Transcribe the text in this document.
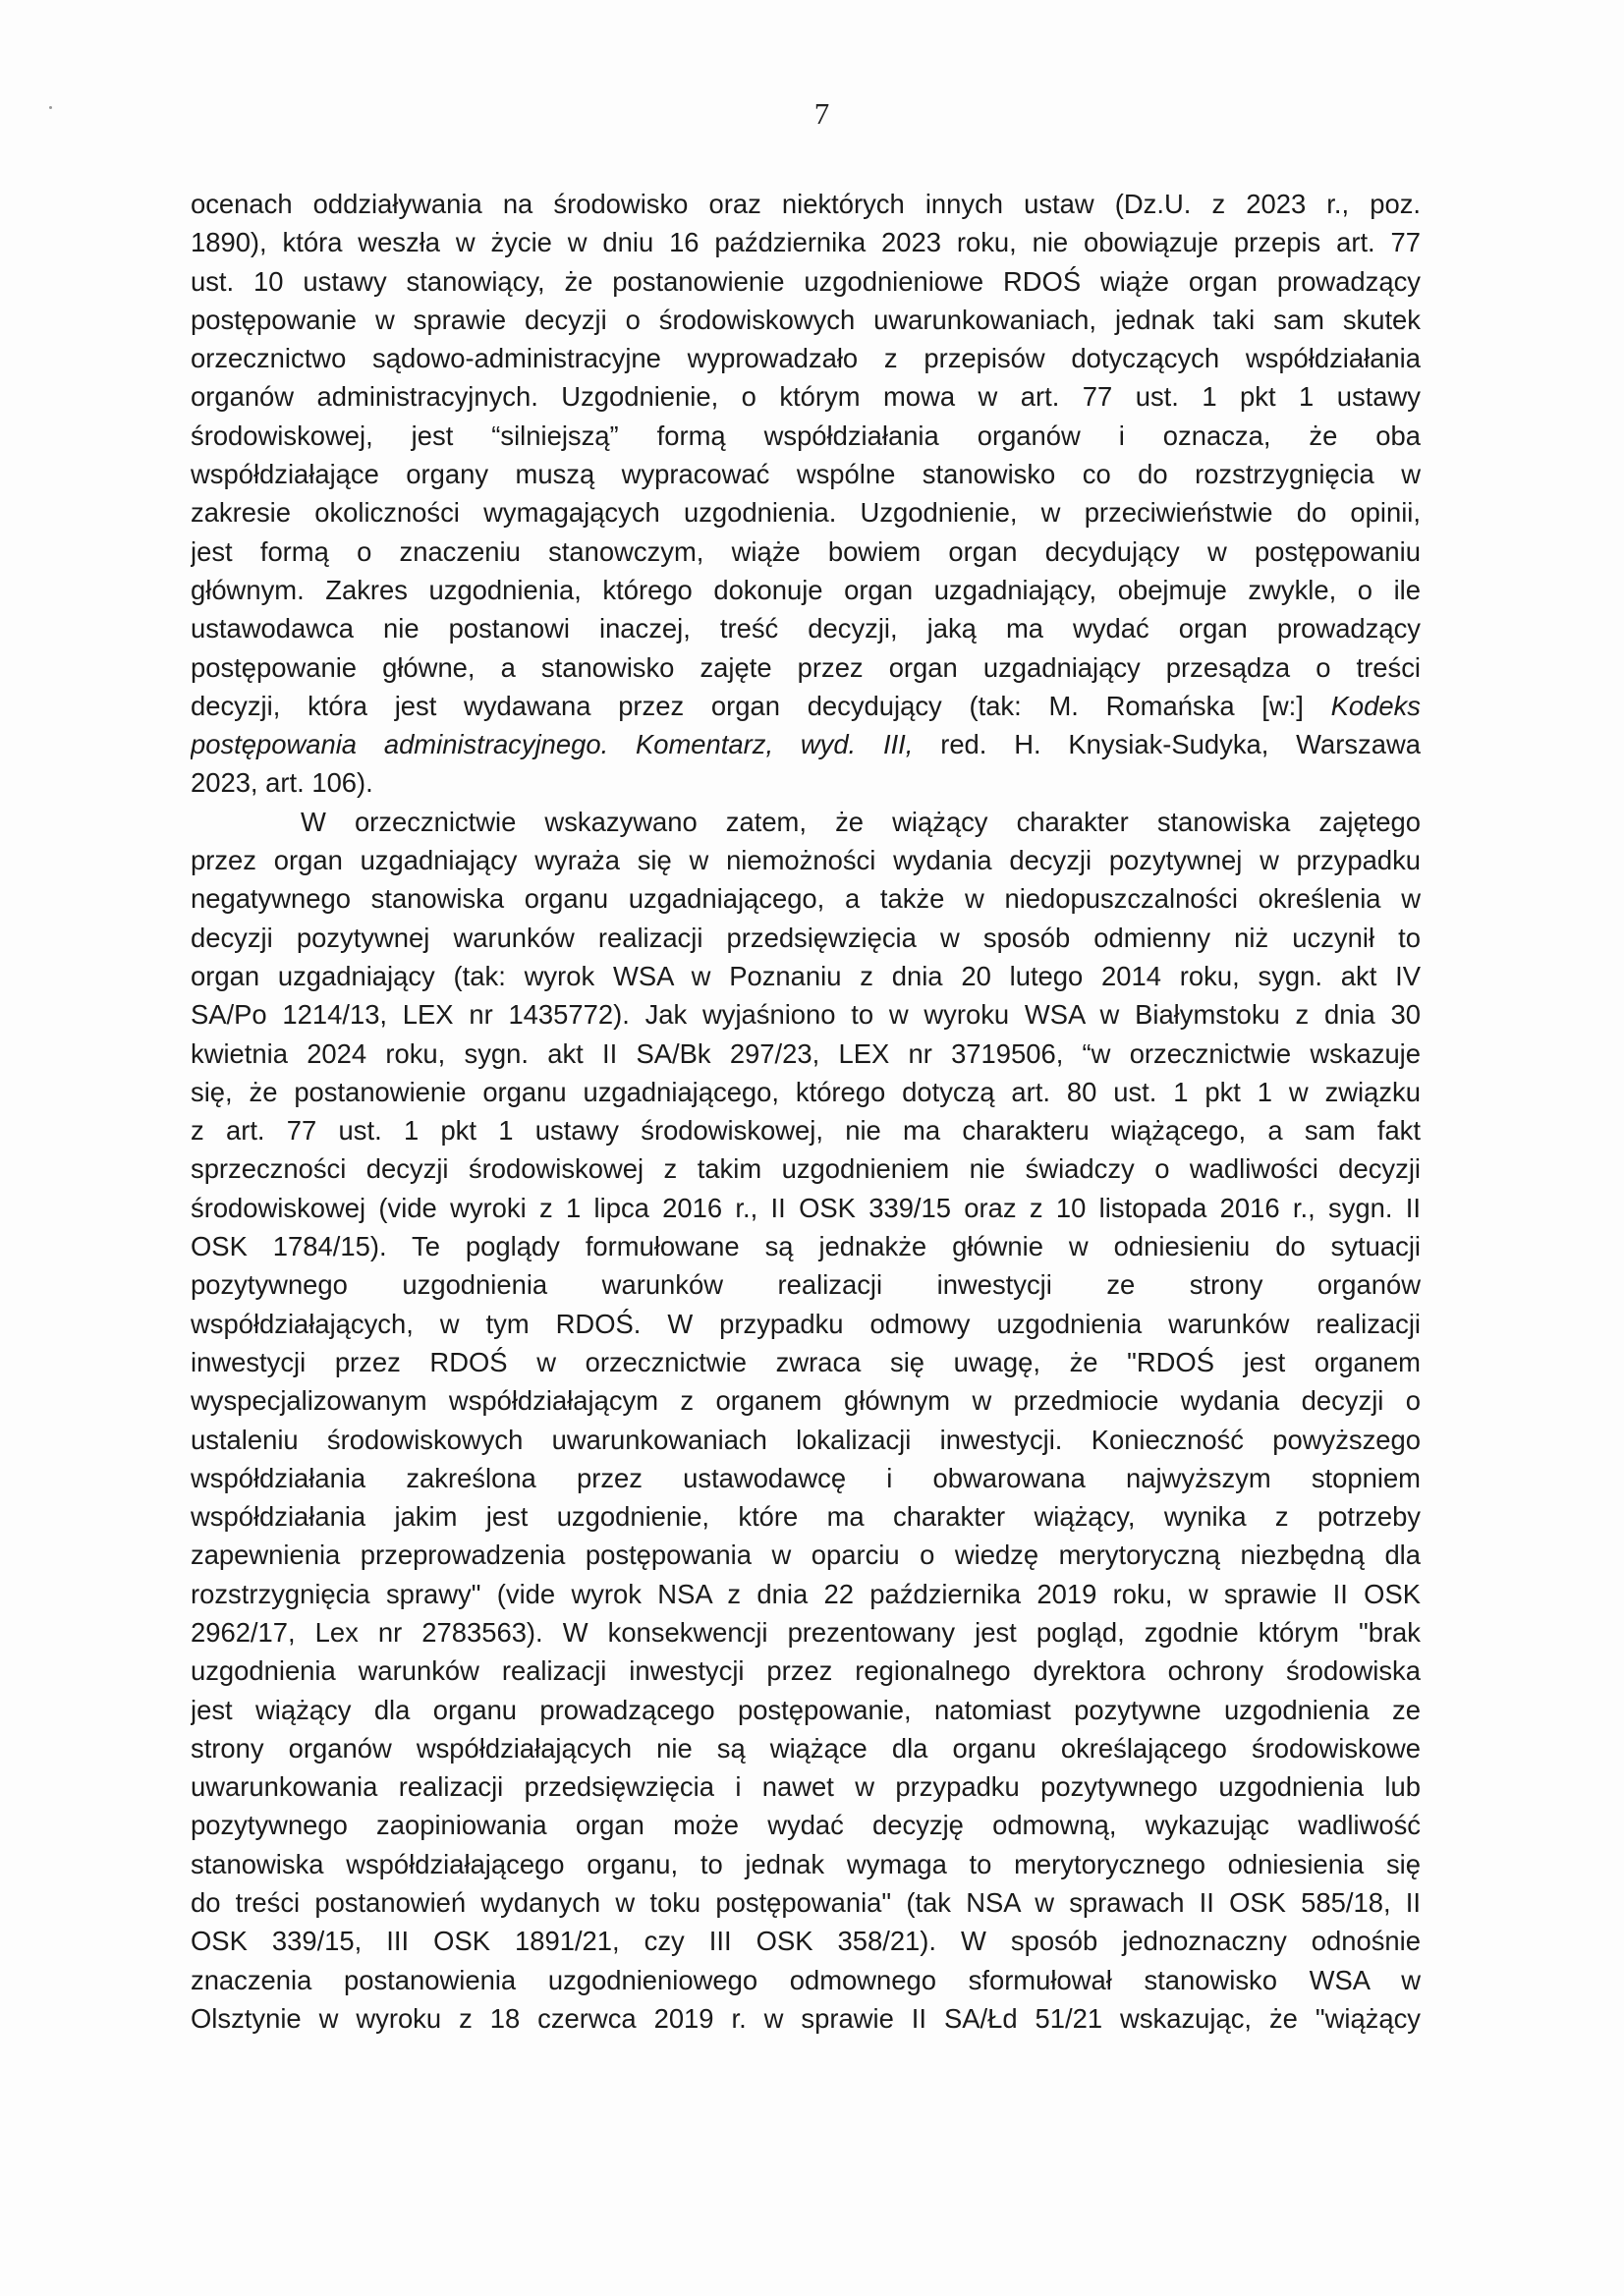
7
ocenach oddziaływania na środowisko oraz niektórych innych ustaw (Dz.U. z 2023 r., poz.
1890), która weszła w życie w dniu 16 października 2023 roku, nie obowiązuje przepis art. 77
ust. 10 ustawy stanowiący, że postanowienie uzgodnieniowe RDOŚ wiąże organ prowadzący
postępowanie w sprawie decyzji o środowiskowych uwarunkowaniach, jednak taki sam skutek
orzecznictwo sądowo-administracyjne wyprowadzało z przepisów dotyczących współdziałania
organów administracyjnych. Uzgodnienie, o którym mowa w art. 77 ust. 1 pkt 1 ustawy
środowiskowej, jest “silniejszą” formą współdziałania organów i oznacza, że oba
współdziałające organy muszą wypracować wspólne stanowisko co do rozstrzygnięcia w
zakresie okoliczności wymagających uzgodnienia. Uzgodnienie, w przeciwieństwie do opinii,
jest formą o znaczeniu stanowczym, wiąże bowiem organ decydujący w postępowaniu
głównym. Zakres uzgodnienia, którego dokonuje organ uzgadniający, obejmuje zwykle, o ile
ustawodawca nie postanowi inaczej, treść decyzji, jaką ma wydać organ prowadzący
postępowanie główne, a stanowisko zajęte przez organ uzgadniający przesądza o treści
decyzji, która jest wydawana przez organ decydujący (tak: M. Romańska [w:] Kodeks
postępowania administracyjnego. Komentarz, wyd. III, red. H. Knysiak-Sudyka, Warszawa
2023, art. 106).
W orzecznictwie wskazywano zatem, że wiążący charakter stanowiska zajętego
przez organ uzgadniający wyraża się w niemożności wydania decyzji pozytywnej w przypadku
negatywnego stanowiska organu uzgadniającego, a także w niedopuszczalności określenia w
decyzji pozytywnej warunków realizacji przedsięwzięcia w sposób odmienny niż uczynił to
organ uzgadniający (tak: wyrok WSA w Poznaniu z dnia 20 lutego 2014 roku, sygn. akt IV
SA/Po 1214/13, LEX nr 1435772). Jak wyjaśniono to w wyroku WSA w Białymstoku z dnia 30
kwietnia 2024 roku, sygn. akt II SA/Bk 297/23, LEX nr 3719506, “w orzecznictwie wskazuje
się, że postanowienie organu uzgadniającego, którego dotyczą art. 80 ust. 1 pkt 1 w związku
z art. 77 ust. 1 pkt 1 ustawy środowiskowej, nie ma charakteru wiążącego, a sam fakt
sprzeczności decyzji środowiskowej z takim uzgodnieniem nie świadczy o wadliwości decyzji
środowiskowej (vide wyroki z 1 lipca 2016 r., II OSK 339/15 oraz z 10 listopada 2016 r., sygn. II
OSK 1784/15). Te poglądy formułowane są jednakże głównie w odniesieniu do sytuacji
pozytywnego uzgodnienia warunków realizacji inwestycji ze strony organów
współdziałających, w tym RDOŚ. W przypadku odmowy uzgodnienia warunków realizacji
inwestycji przez RDOŚ w orzecznictwie zwraca się uwagę, że "RDOŚ jest organem
wyspecjalizowanym współdziałającym z organem głównym w przedmiocie wydania decyzji o
ustaleniu środowiskowych uwarunkowaniach lokalizacji inwestycji. Konieczność powyższego
współdziałania zakreślona przez ustawodawcę i obwarowana najwyższym stopniem
współdziałania jakim jest uzgodnienie, które ma charakter wiążący, wynika z potrzeby
zapewnienia przeprowadzenia postępowania w oparciu o wiedzę merytoryczną niezbędną dla
rozstrzygnięcia sprawy" (vide wyrok NSA z dnia 22 października 2019 roku, w sprawie II OSK
2962/17, Lex nr 2783563). W konsekwencji prezentowany jest pogląd, zgodnie którym "brak
uzgodnienia warunków realizacji inwestycji przez regionalnego dyrektora ochrony środowiska
jest wiążący dla organu prowadzącego postępowanie, natomiast pozytywne uzgodnienia ze
strony organów współdziałających nie są wiążące dla organu określającego środowiskowe
uwarunkowania realizacji przedsięwzięcia i nawet w przypadku pozytywnego uzgodnienia lub
pozytywnego zaopiniowania organ może wydać decyzję odmowną, wykazując wadliwość
stanowiska współdziałającego organu, to jednak wymaga to merytorycznego odniesienia się
do treści postanowień wydanych w toku postępowania" (tak NSA w sprawach II OSK 585/18, II
OSK 339/15, III OSK 1891/21, czy III OSK 358/21). W sposób jednoznaczny odnośnie
znaczenia postanowienia uzgodnieniowego odmownego sformułował stanowisko WSA w
Olsztynie w wyroku z 18 czerwca 2019 r. w sprawie II SA/Łd 51/21 wskazując, że "wiążący
